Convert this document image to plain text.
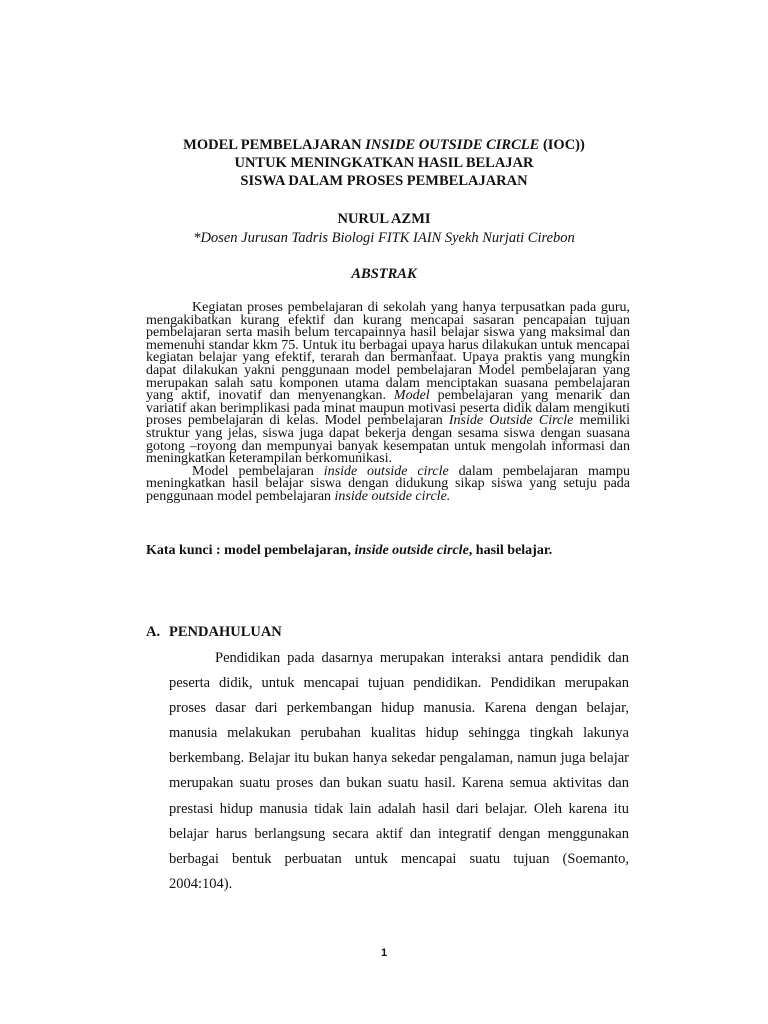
MODEL PEMBELAJARAN INSIDE OUTSIDE CIRCLE (IOC))
UNTUK MENINGKATKAN HASIL BELAJAR
SISWA DALAM PROSES PEMBELAJARAN
NURUL AZMI
*Dosen Jurusan Tadris Biologi FITK IAIN Syekh Nurjati Cirebon
ABSTRAK

Kegiatan proses pembelajaran di sekolah yang hanya terpusatkan pada guru, mengakibatkan kurang efektif dan kurang mencapai sasaran pencapaian tujuan pembelajaran serta masih belum tercapainnya hasil belajar siswa yang maksimal dan memenuhi standar kkm 75. Untuk itu berbagai upaya harus dilakukan untuk mencapai kegiatan belajar yang efektif, terarah dan bermanfaat. Upaya praktis yang mungkin dapat dilakukan yakni penggunaan model pembelajaran Model pembelajaran yang merupakan salah satu komponen utama dalam menciptakan suasana pembelajaran yang aktif, inovatif dan menyenangkan. Model pembelajaran yang menarik dan variatif akan berimplikasi pada minat maupun motivasi peserta didik dalam mengikuti proses pembelajaran di kelas. Model pembelajaran Inside Outside Circle memiliki struktur yang jelas, siswa juga dapat bekerja dengan sesama siswa dengan suasana gotong –royong dan mempunyai banyak kesempatan untuk mengolah informasi dan meningkatkan keterampilan berkomunikasi.

Model pembelajaran inside outside circle dalam pembelajaran mampu meningkatkan hasil belajar siswa dengan didukung sikap siswa yang setuju pada penggunaan model pembelajaran inside outside circle.

Kata kunci : model pembelajaran, inside outside circle, hasil belajar.
A. PENDAHULUAN

Pendidikan pada dasarnya merupakan interaksi antara pendidik dan peserta didik, untuk mencapai tujuan pendidikan. Pendidikan merupakan proses dasar dari perkembangan hidup manusia. Karena dengan belajar, manusia melakukan perubahan kualitas hidup sehingga tingkah lakunya berkembang. Belajar itu bukan hanya sekedar pengalaman, namun juga belajar merupakan suatu proses dan bukan suatu hasil. Karena semua aktivitas dan prestasi hidup manusia tidak lain adalah hasil dari belajar. Oleh karena itu belajar harus berlangsung secara aktif dan integratif dengan menggunakan berbagai bentuk perbuatan untuk mencapai suatu tujuan (Soemanto, 2004:104).

1
